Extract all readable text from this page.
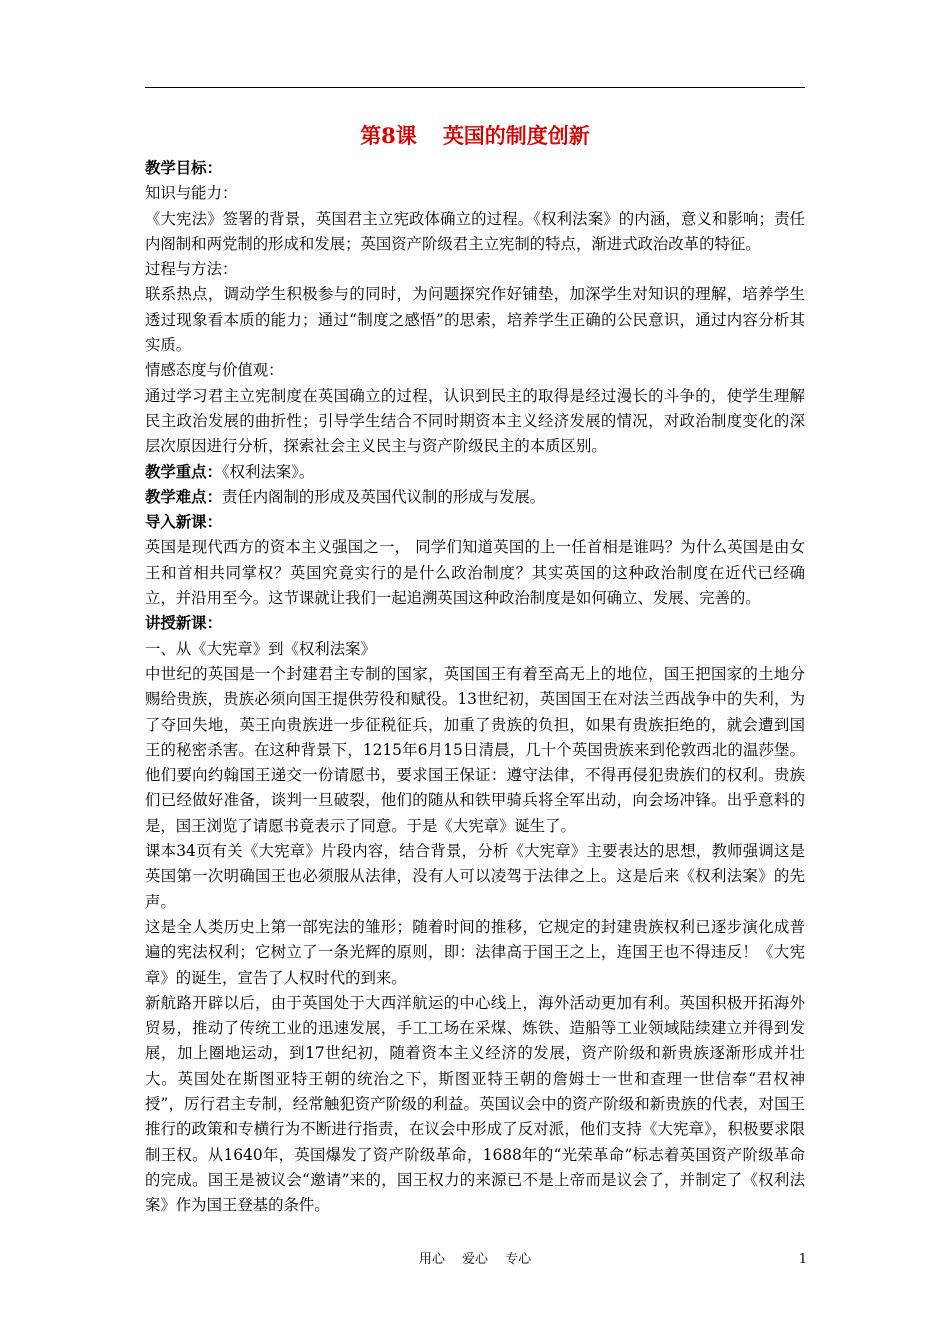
第8课 英国的制度创新

教学目标：

知识与能力：

《大宪法》签署的背景，英国君主立宪政体确立的过程。《权利法案》的内涵，意义和影响；责任内阁制和两党制的形成和发展；英国资产阶级君主立宪制的特点，渐进式政治改革的特征。

过程与方法：

联系热点，调动学生积极参与的同时，为问题探究作好铺垫，加深学生对知识的理解，培养学生透过现象看本质的能力；通过“制度之感悟”的思索，培养学生正确的公民意识，通过内容分析其实质。

情感态度与价值观：

通过学习君主立宪制度在英国确立的过程，认识到民主的取得是经过漫长的斗争的，使学生理解民主政治发展的曲折性；引导学生结合不同时期资本主义经济发展的情况，对政治制度变化的深层次原因进行分析，探索社会主义民主与资产阶级民主的本质区别。

教学重点：《权利法案》。

教学难点：责任内阁制的形成及英国代议制的形成与发展。

导入新课：

英国是现代西方的资本主义强国之一， 同学们知道英国的上一任首相是谁吗？为什么英国是由女王和首相共同掌权？英国究竟实行的是什么政治制度？其实英国的这种政治制度在近代已经确立，并沿用至今。这节课就让我们一起追溯英国这种政治制度是如何确立、发展、完善的。

讲授新课：

一、从《大宪章》到《权利法案》

中世纪的英国是一个封建君主专制的国家，英国国王有着至高无上的地位，国王把国家的土地分赐给贵族，贵族必须向国王提供劳役和赋役。13世纪初，英国国王在对法兰西战争中的失利，为了夺回失地，英王向贵族进一步征税征兵，加重了贵族的负担，如果有贵族拒绝的，就会遭到国王的秘密杀害。在这种背景下，1215年6月15日清晨，几十个英国贵族来到伦敦西北的温莎堡。他们要向约翰国王递交一份请愿书，要求国王保证：遵守法律，不得再侵犯贵族们的权利。贵族们已经做好准备，谈判一旦破裂，他们的随从和铁甲骑兵将全军出动，向会场冲锋。出乎意料的是，国王浏览了请愿书竟表示了同意。于是《大宪章》诞生了。

课本34页有关《大宪章》片段内容，结合背景，分析《大宪章》主要表达的思想，教师强调这是英国第一次明确国王也必须服从法律，没有人可以凌驾于法律之上。这是后来《权利法案》的先声。

这是全人类历史上第一部宪法的雏形；随着时间的推移，它规定的封建贵族权利已逐步演化成普遍的宪法权利；它树立了一条光辉的原则，即：法律高于国王之上，连国王也不得违反！《大宪章》的诞生，宣告了人权时代的到来。

新航路开辟以后，由于英国处于大西洋航运的中心线上，海外活动更加有利。英国积极开拓海外贸易，推动了传统工业的迅速发展，手工工场在采煤、炼铁、造船等工业领域陆续建立并得到发展，加上圈地运动，到17世纪初，随着资本主义经济的发展，资产阶级和新贵族逐渐形成并壮大。英国处在斯图亚特王朝的统治之下，斯图亚特王朝的詹姆士一世和查理一世信奉“君权神授”，厉行君主专制，经常触犯资产阶级的利益。英国议会中的资产阶级和新贵族的代表，对国王推行的政策和专横行为不断进行指责，在议会中形成了反对派，他们支持《大宪章》，积极要求限制王权。从1640年，英国爆发了资产阶级革命，1688年的“光荣革命”标志着英国资产阶级革命的完成。国王是被议会“邀请”来的，国王权力的来源已不是上帝而是议会了，并制定了《权利法案》作为国王登基的条件。

用心　 爱心　 专心	1
